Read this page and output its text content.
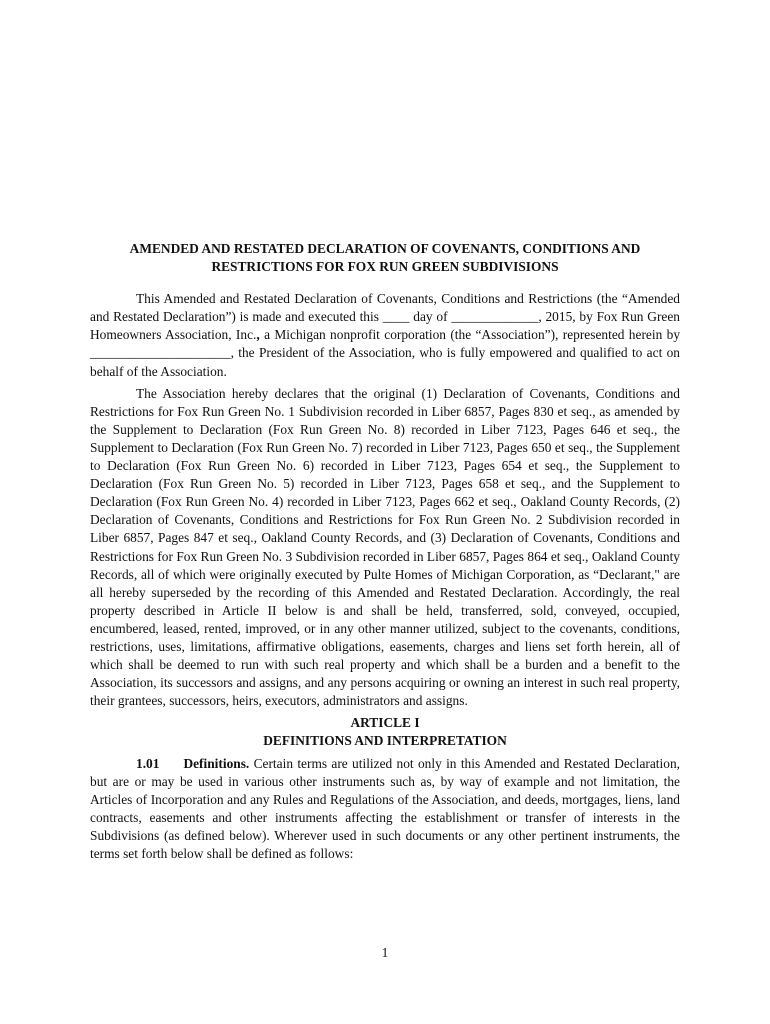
AMENDED AND RESTATED DECLARATION OF COVENANTS, CONDITIONS AND
RESTRICTIONS FOR FOX RUN GREEN SUBDIVISIONS

This Amended and Restated Declaration of Covenants, Conditions and Restrictions (the “Amended and Restated Declaration”) is made and executed this ____ day of _____________, 2015, by Fox Run Green Homeowners Association, Inc., a Michigan nonprofit corporation (the “Association”), represented herein by _____________________, the President of the Association, who is fully empowered and qualified to act on behalf of the Association.

The Association hereby declares that the original (1) Declaration of Covenants, Conditions and Restrictions for Fox Run Green No. 1 Subdivision recorded in Liber 6857, Pages 830 et seq., as amended by the Supplement to Declaration (Fox Run Green No. 8) recorded in Liber 7123, Pages 646 et seq., the Supplement to Declaration (Fox Run Green No. 7) recorded in Liber 7123, Pages 650 et seq., the Supplement to Declaration (Fox Run Green No. 6) recorded in Liber 7123, Pages 654 et seq., the Supplement to Declaration (Fox Run Green No. 5) recorded in Liber 7123, Pages 658 et seq., and the Supplement to Declaration (Fox Run Green No. 4) recorded in Liber 7123, Pages 662 et seq., Oakland County Records, (2) Declaration of Covenants, Conditions and Restrictions for Fox Run Green No. 2 Subdivision recorded in Liber 6857, Pages 847 et seq., Oakland County Records, and (3) Declaration of Covenants, Conditions and Restrictions for Fox Run Green No. 3 Subdivision recorded in Liber 6857, Pages 864 et seq., Oakland County Records, all of which were originally executed by Pulte Homes of Michigan Corporation, as “Declarant," are all hereby superseded by the recording of this Amended and Restated Declaration. Accordingly, the real property described in Article II below is and shall be held, transferred, sold, conveyed, occupied, encumbered, leased, rented, improved, or in any other manner utilized, subject to the covenants, conditions, restrictions, uses, limitations, affirmative obligations, easements, charges and liens set forth herein, all of which shall be deemed to run with such real property and which shall be a burden and a benefit to the Association, its successors and assigns, and any persons acquiring or owning an interest in such real property, their grantees, successors, heirs, executors, administrators and assigns.

ARTICLE I
DEFINITIONS AND INTERPRETATION

1.01 Definitions. Certain terms are utilized not only in this Amended and Restated Declaration, but are or may be used in various other instruments such as, by way of example and not limitation, the Articles of Incorporation and any Rules and Regulations of the Association, and deeds, mortgages, liens, land contracts, easements and other instruments affecting the establishment or transfer of interests in the Subdivisions (as defined below). Wherever used in such documents or any other pertinent instruments, the terms set forth below shall be defined as follows:

1
